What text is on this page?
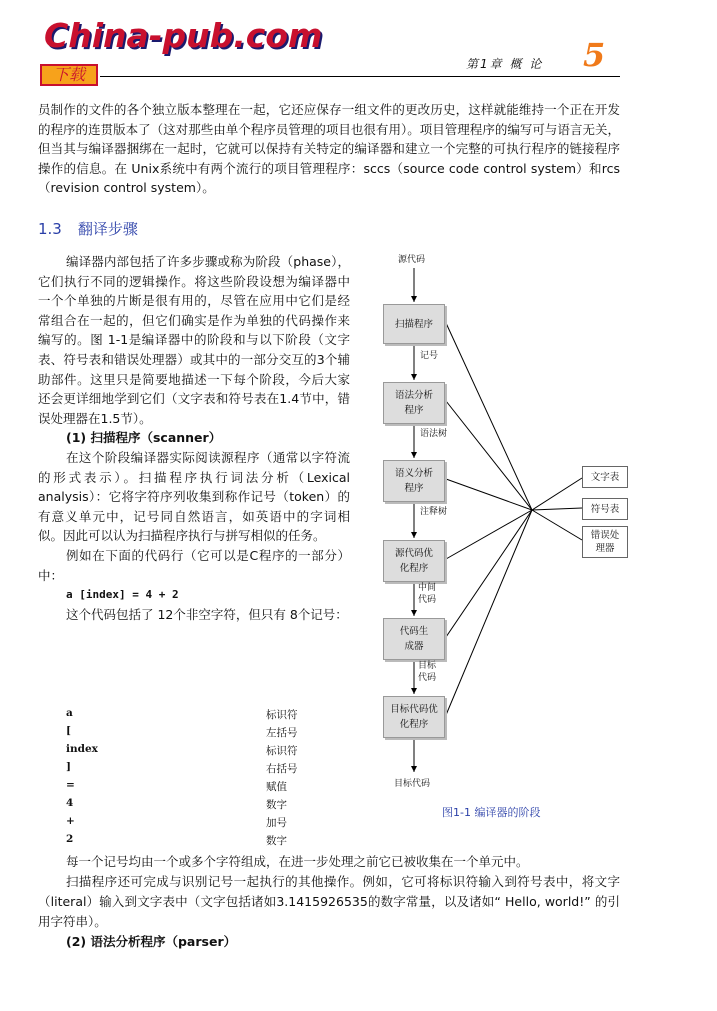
China-pub.com
下载
第1章 概 论 5
员制作的文件的各个独立版本整理在一起，它还应保存一组文件的更改历史，这样就能维持一个正在开发的程序的连贯版本了（这对那些由单个程序员管理的项目也很有用）。项目管理程序的编写可与语言无关，但当其与编译器捆绑在一起时，它就可以保持有关特定的编译器和建立一个完整的可执行程序的链接程序操作的信息。在 Unix系统中有两个流行的项目管理程序：sccs（source code control system）和rcs（revision control system）。
1.3 翻译步骤
编译器内部包括了许多步骤或称为阶段（phase），它们执行不同的逻辑操作。将这些阶段设想为编译器中一个个单独的片断是很有用的，尽管在应用中它们是经常组合在一起的，但它们确实是作为单独的代码操作来编写的。图 1-1是编译器中的阶段和与以下阶段（文字表、符号表和错误处理器）或其中的一部分交互的3个辅助部件。这里只是简要地描述一下每个阶段，今后大家还会更详细地学到它们（文字表和符号表在1.4节中，错误处理器在1.5节）。
(1) 扫描程序（scanner）
在这个阶段编译器实际阅读源程序（通常以字符流的形式表示）。扫描程序执行词法分析（Lexical analysis）：它将字符序列收集到称作记号（token）的有意义单元中，记号同自然语言，如英语中的字词相似。因此可以认为扫描程序执行与拼写相似的任务。
例如在下面的代码行（它可以是C程序的一部分）中：
a [index] = 4 + 2
这个代码包括了 12个非空字符，但只有 8个记号：
a	标识符
[	左括号
index	标识符
]	右括号
=	赋值
4	数字
+	加号
2	数字
每一个记号均由一个或多个字符组成，在进一步处理之前它已被收集在一个单元中。
扫描程序还可完成与识别记号一起执行的其他操作。例如，它可将标识符输入到符号表中，将文字（literal）输入到文字表中（文字包括诸如3.1415926535的数字常量，以及诸如“ Hello, world!” 的引用字符串）。
(2) 语法分析程序（parser）
源代码
扫描程序
记号
语法分析程序
语法树
语义分析程序
注释树
源代码优化程序
中间代码
代码生成器
目标代码
目标代码优化程序
目标代码
文字表
符号表
错误处理器
图1-1 编译器的阶段
